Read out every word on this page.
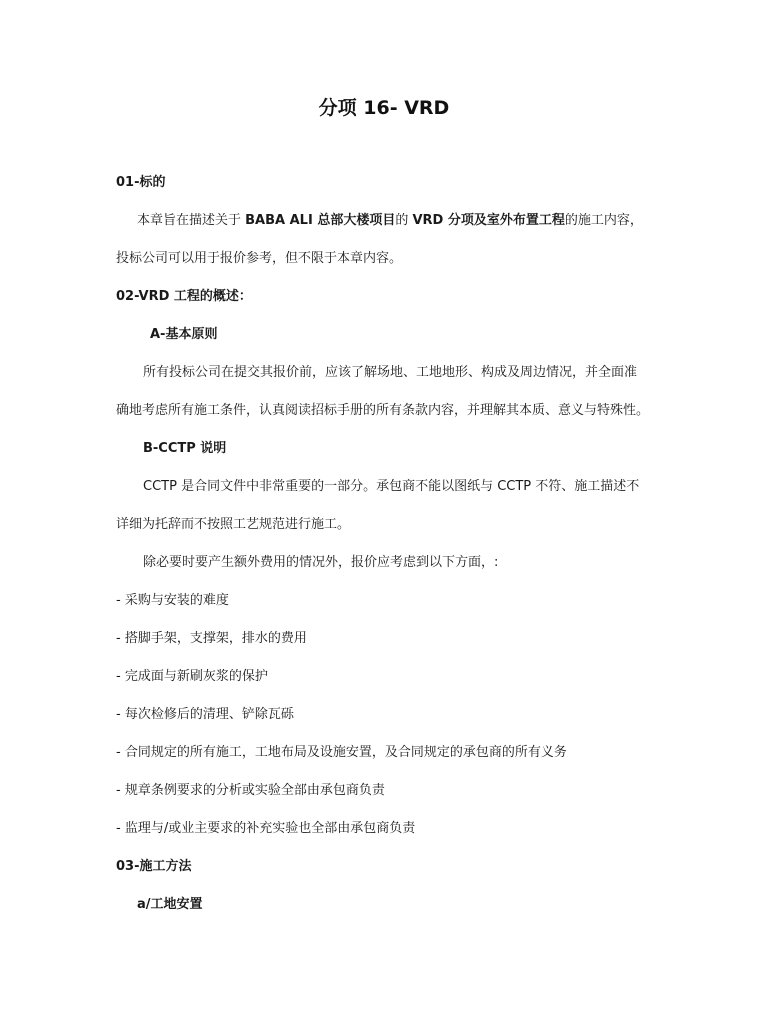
分项 16- VRD
01-标的
本章旨在描述关于 BABA ALI 总部大楼项目的 VRD 分项及室外布置工程的施工内容，
投标公司可以用于报价参考，但不限于本章内容。
02-VRD 工程的概述：
A-基本原则
所有投标公司在提交其报价前，应该了解场地、工地地形、构成及周边情况，并全面准
确地考虑所有施工条件，认真阅读招标手册的所有条款内容，并理解其本质、意义与特殊性。
B-CCTP 说明
CCTP 是合同文件中非常重要的一部分。承包商不能以图纸与 CCTP 不符、施工描述不
详细为托辞而不按照工艺规范进行施工。
除必要时要产生额外费用的情况外，报价应考虑到以下方面，:
- 采购与安装的难度
- 搭脚手架，支撑架，排水的费用
- 完成面与新刷灰浆的保护
- 每次检修后的清理、铲除瓦砾
- 合同规定的所有施工，工地布局及设施安置，及合同规定的承包商的所有义务
- 规章条例要求的分析或实验全部由承包商负责
- 监理与/或业主要求的补充实验也全部由承包商负责
03-施工方法
a/工地安置
